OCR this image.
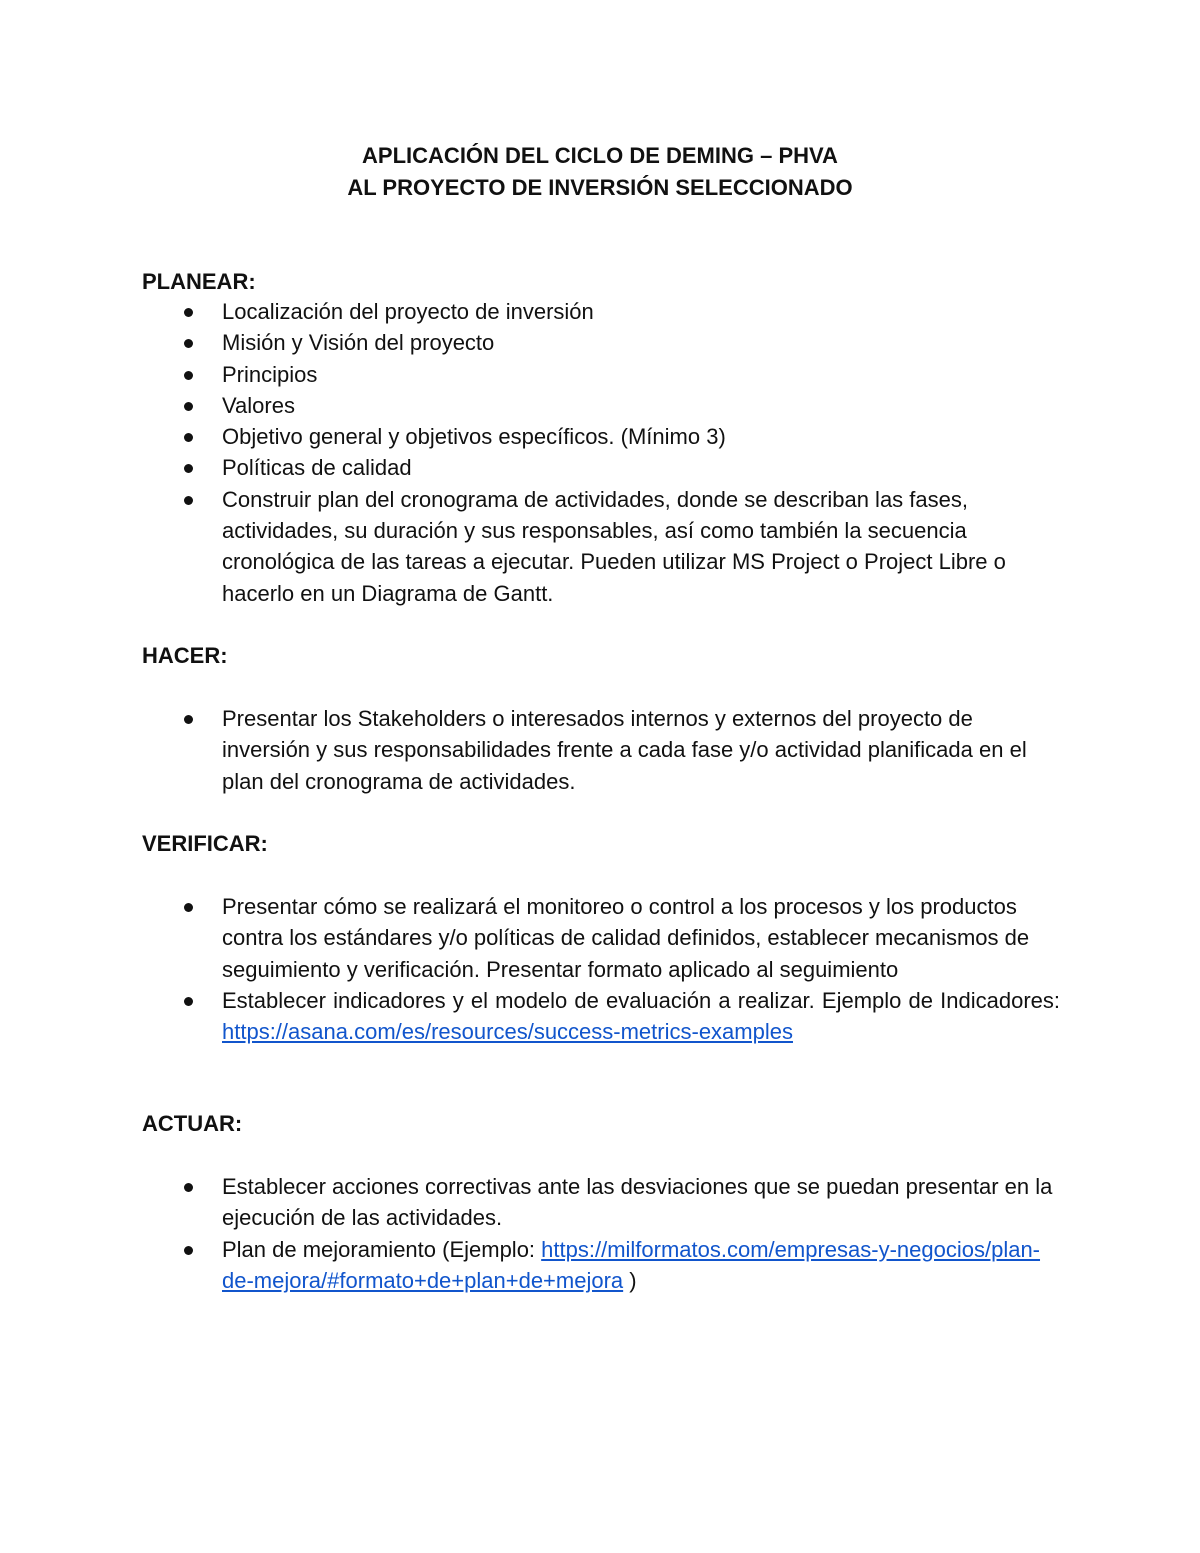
APLICACIÓN DEL CICLO DE DEMING – PHVA
AL PROYECTO DE INVERSIÓN SELECCIONADO
PLANEAR:
Localización del proyecto de inversión
Misión y Visión del proyecto
Principios
Valores
Objetivo general y objetivos específicos. (Mínimo 3)
Políticas de calidad
Construir plan del cronograma de actividades, donde se describan las fases, actividades, su duración y sus responsables, así como también la secuencia cronológica de las tareas a ejecutar. Pueden utilizar MS Project o Project Libre o hacerlo en un Diagrama de Gantt.
HACER:
Presentar los Stakeholders o interesados internos y externos del proyecto de inversión y sus responsabilidades frente a cada fase y/o actividad planificada en el plan del cronograma de actividades.
VERIFICAR:
Presentar cómo se realizará el monitoreo o control a los procesos y los productos contra los estándares y/o políticas de calidad definidos, establecer mecanismos de seguimiento y verificación. Presentar formato aplicado al seguimiento
Establecer indicadores y el modelo de evaluación a realizar. Ejemplo de Indicadores: https://asana.com/es/resources/success-metrics-examples
ACTUAR:
Establecer acciones correctivas ante las desviaciones que se puedan presentar en la ejecución de las actividades.
Plan de mejoramiento (Ejemplo: https://milformatos.com/empresas-y-negocios/plan- de-mejora/#formato+de+plan+de+mejora )
